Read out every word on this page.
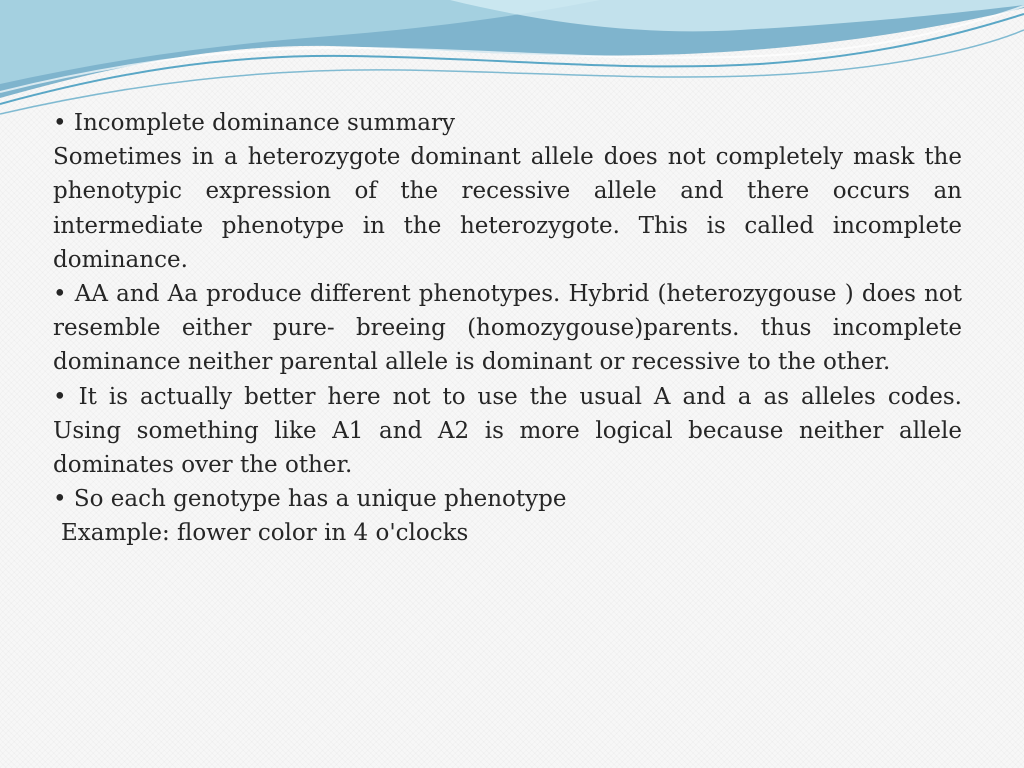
• Incomplete dominance summary

Sometimes in a heterozygote dominant allele does not completely mask the phenotypic expression of the recessive allele and there occurs an intermediate phenotype in the heterozygote. This is called incomplete dominance.

• AA and Aa produce different phenotypes. Hybrid (heterozygouse ) does not resemble either pure- breeing (homozygouse)parents. thus incomplete dominance neither parental allele is dominant or recessive to the other.

• It is actually better here not to use the usual A and a as alleles codes. Using something like A1 and A2 is more logical because neither allele dominates over the other.

• So each genotype has a unique phenotype

Example: flower color in 4 o'clocks
